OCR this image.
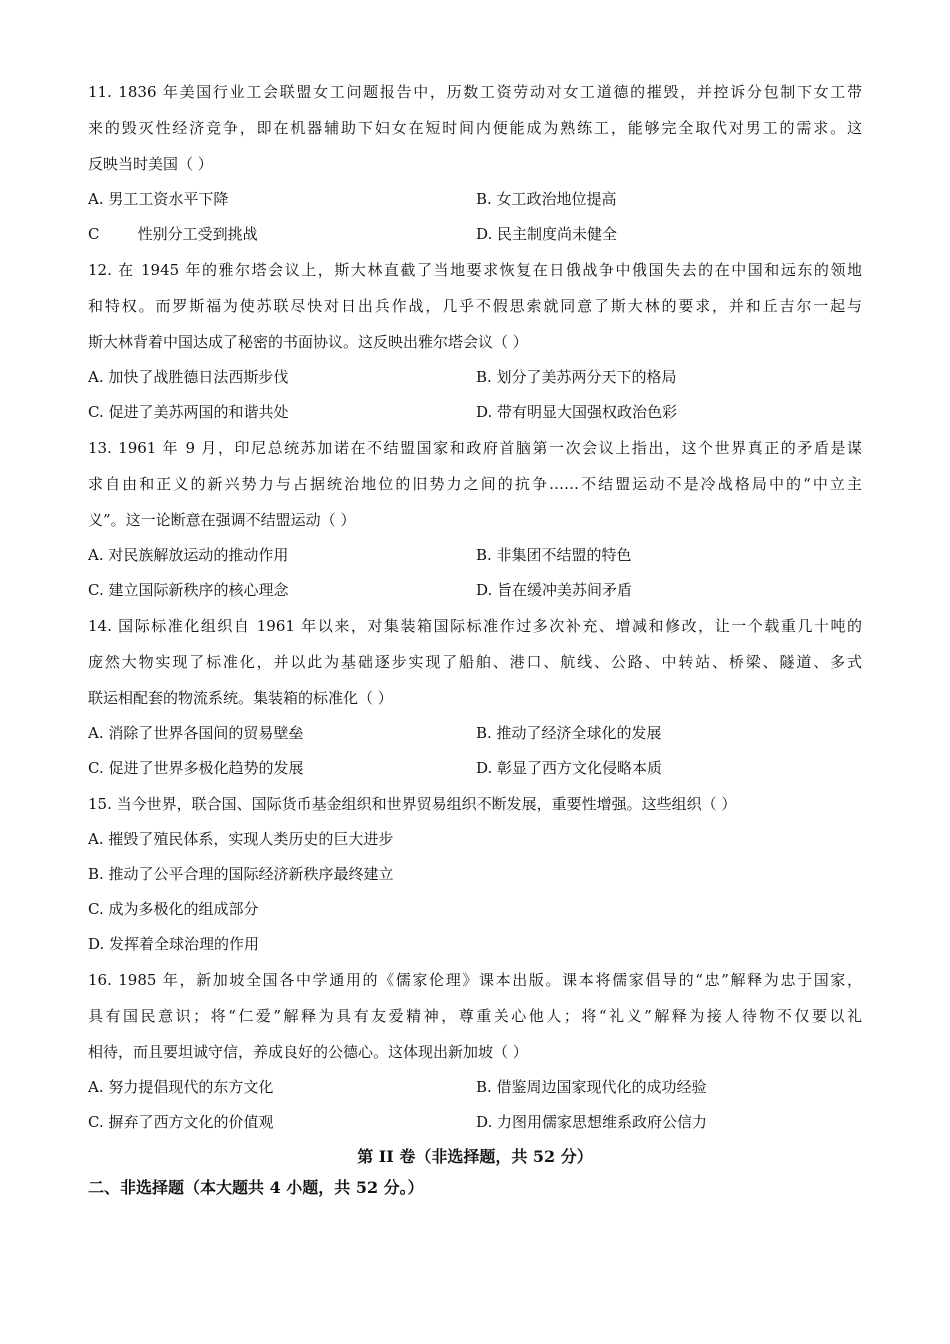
11. 1836 年美国行业工会联盟女工问题报告中，历数工资劳动对女工道德的摧毁，并控诉分包制下女工带
来的毁灭性经济竞争，即在机器辅助下妇女在短时间内便能成为熟练工，能够完全取代对男工的需求。这
反映当时美国（ ）
A. 男工工资水平下降	B. 女工政治地位提高
C        性别分工受到挑战	D. 民主制度尚未健全
12. 在 1945 年的雅尔塔会议上，斯大林直截了当地要求恢复在日俄战争中俄国失去的在中国和远东的领地
和特权。而罗斯福为使苏联尽快对日出兵作战，几乎不假思索就同意了斯大林的要求，并和丘吉尔一起与
斯大林背着中国达成了秘密的书面协议。这反映出雅尔塔会议（ ）
A. 加快了战胜德日法西斯步伐	B. 划分了美苏两分天下的格局
C. 促进了美苏两国的和谐共处	D. 带有明显大国强权政治色彩
13. 1961 年 9 月，印尼总统苏加诺在不结盟国家和政府首脑第一次会议上指出，这个世界真正的矛盾是谋
求自由和正义的新兴势力与占据统治地位的旧势力之间的抗争……不结盟运动不是冷战格局中的“中立主
义”。这一论断意在强调不结盟运动（ ）
A. 对民族解放运动的推动作用	B. 非集团不结盟的特色
C. 建立国际新秩序的核心理念	D. 旨在缓冲美苏间矛盾
14. 国际标准化组织自 1961 年以来，对集装箱国际标准作过多次补充、增减和修改，让一个载重几十吨的
庞然大物实现了标准化，并以此为基础逐步实现了船舶、港口、航线、公路、中转站、桥梁、隧道、多式
联运相配套的物流系统。集装箱的标准化（ ）
A. 消除了世界各国间的贸易壁垒	B. 推动了经济全球化的发展
C. 促进了世界多极化趋势的发展	D. 彰显了西方文化侵略本质
15. 当今世界，联合国、国际货币基金组织和世界贸易组织不断发展，重要性增强。这些组织（ ）
A. 摧毁了殖民体系，实现人类历史的巨大进步
B. 推动了公平合理的国际经济新秩序最终建立
C. 成为多极化的组成部分
D. 发挥着全球治理的作用
16. 1985 年，新加坡全国各中学通用的《儒家伦理》课本出版。课本将儒家倡导的“忠”解释为忠于国家，
具有国民意识；将“仁爱”解释为具有友爱精神，尊重关心他人；将“礼义”解释为接人待物不仅要以礼
相待，而且要坦诚守信，养成良好的公德心。这体现出新加坡（ ）
A. 努力提倡现代的东方文化	B. 借鉴周边国家现代化的成功经验
C. 摒弃了西方文化的价值观	D. 力图用儒家思想维系政府公信力
第 II 卷（非选择题，共 52 分）
二、非选择题（本大题共 4 小题，共 52 分。）
